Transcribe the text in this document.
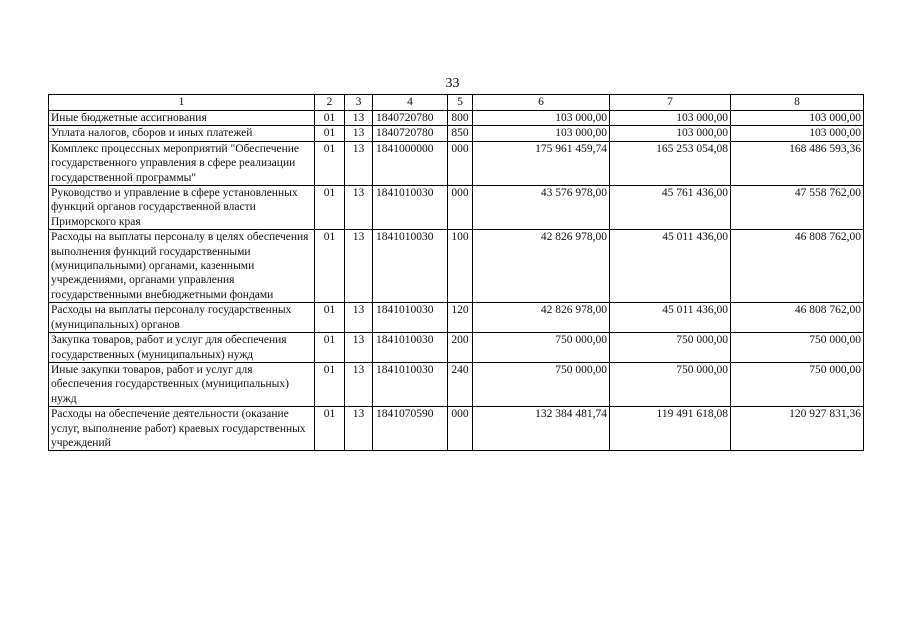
33
1	2	3	4	5	6	7	8
Иные бюджетные ассигнования	01	13	1840720780	800	103 000,00	103 000,00	103 000,00
Уплата налогов, сборов и иных платежей	01	13	1840720780	850	103 000,00	103 000,00	103 000,00
Комплекс процессных мероприятий "Обеспечение государственного управления в сфере реализации государственной программы"	01	13	1841000000	000	175 961 459,74	165 253 054,08	168 486 593,36
Руководство и управление в сфере установленных функций органов государственной власти Приморского края	01	13	1841010030	000	43 576 978,00	45 761 436,00	47 558 762,00
Расходы на выплаты персоналу в целях обеспечения выполнения функций государственными (муниципальными) органами, казенными учреждениями, органами управления государственными внебюджетными фондами	01	13	1841010030	100	42 826 978,00	45 011 436,00	46 808 762,00
Расходы на выплаты персоналу государственных (муниципальных) органов	01	13	1841010030	120	42 826 978,00	45 011 436,00	46 808 762,00
Закупка товаров, работ и услуг для обеспечения государственных (муниципальных) нужд	01	13	1841010030	200	750 000,00	750 000,00	750 000,00
Иные закупки товаров, работ и услуг для обеспечения государственных (муниципальных) нужд	01	13	1841010030	240	750 000,00	750 000,00	750 000,00
Расходы на обеспечение деятельности (оказание услуг, выполнение работ) краевых государственных учреждений	01	13	1841070590	000	132 384 481,74	119 491 618,08	120 927 831,36
